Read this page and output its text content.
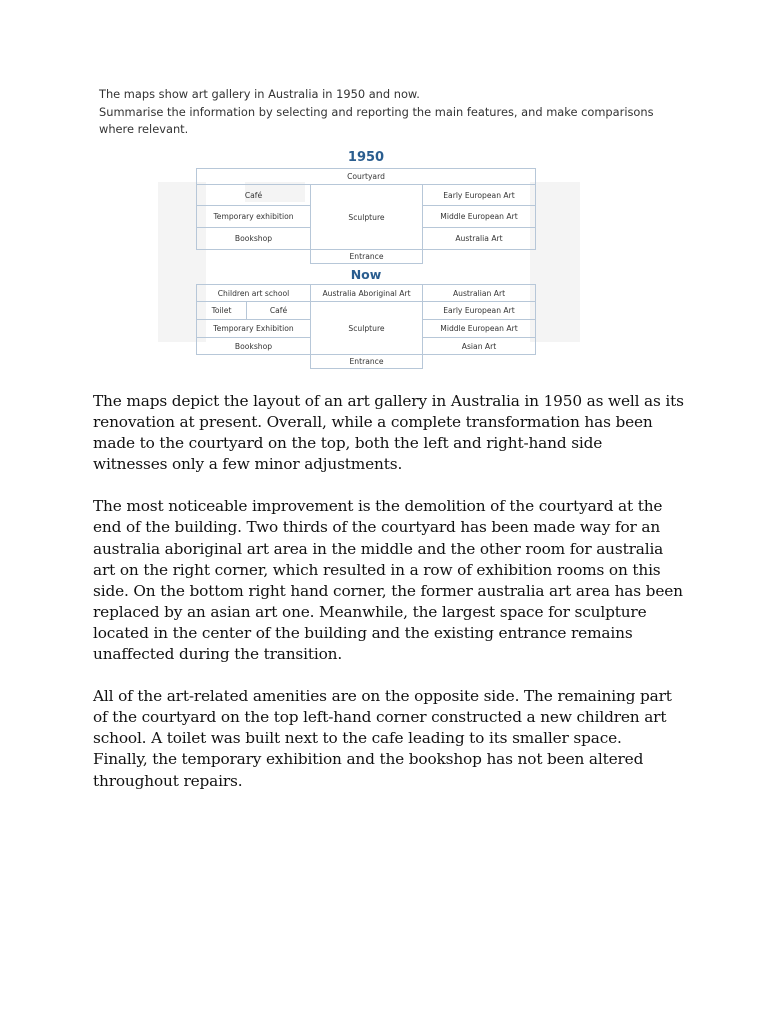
The maps show art gallery in Australia in 1950 and now.
Summarise the information by selecting and reporting the main features, and make comparisons
where relevant.
1950
Courtyard
Café
Temporary exhibition
Bookshop
Sculpture
Early European Art
Middle European Art
Australia Art
Entrance
Now
Children art school	Australia Aboriginal Art	Australian Art
Toilet	Café
Temporary Exhibition
Bookshop
Sculpture
Early European Art
Middle European Art
Asian Art
Entrance

The maps depict the layout of an art gallery in Australia in 1950 as well as its
renovation at present. Overall, while a complete transformation has been
made to the courtyard on the top, both the left and right-hand side
witnesses only a few minor adjustments.

The most noticeable improvement is the demolition of the courtyard at the
end of the building. Two thirds of the courtyard has been made way for an
australia aboriginal art area in the middle and the other room for australia
art on the right corner, which resulted in a row of exhibition rooms on this
side. On the bottom right hand corner, the former australia art area has been
replaced by an asian art one. Meanwhile, the largest space for sculpture
located in the center of the building and the existing entrance remains
unaffected during the transition.

All of the art-related amenities are on the opposite side. The remaining part
of the courtyard on the top left-hand corner constructed a new children art
school. A toilet was built next to the cafe leading to its smaller space.
Finally, the temporary exhibition and the bookshop has not been altered
throughout repairs.
